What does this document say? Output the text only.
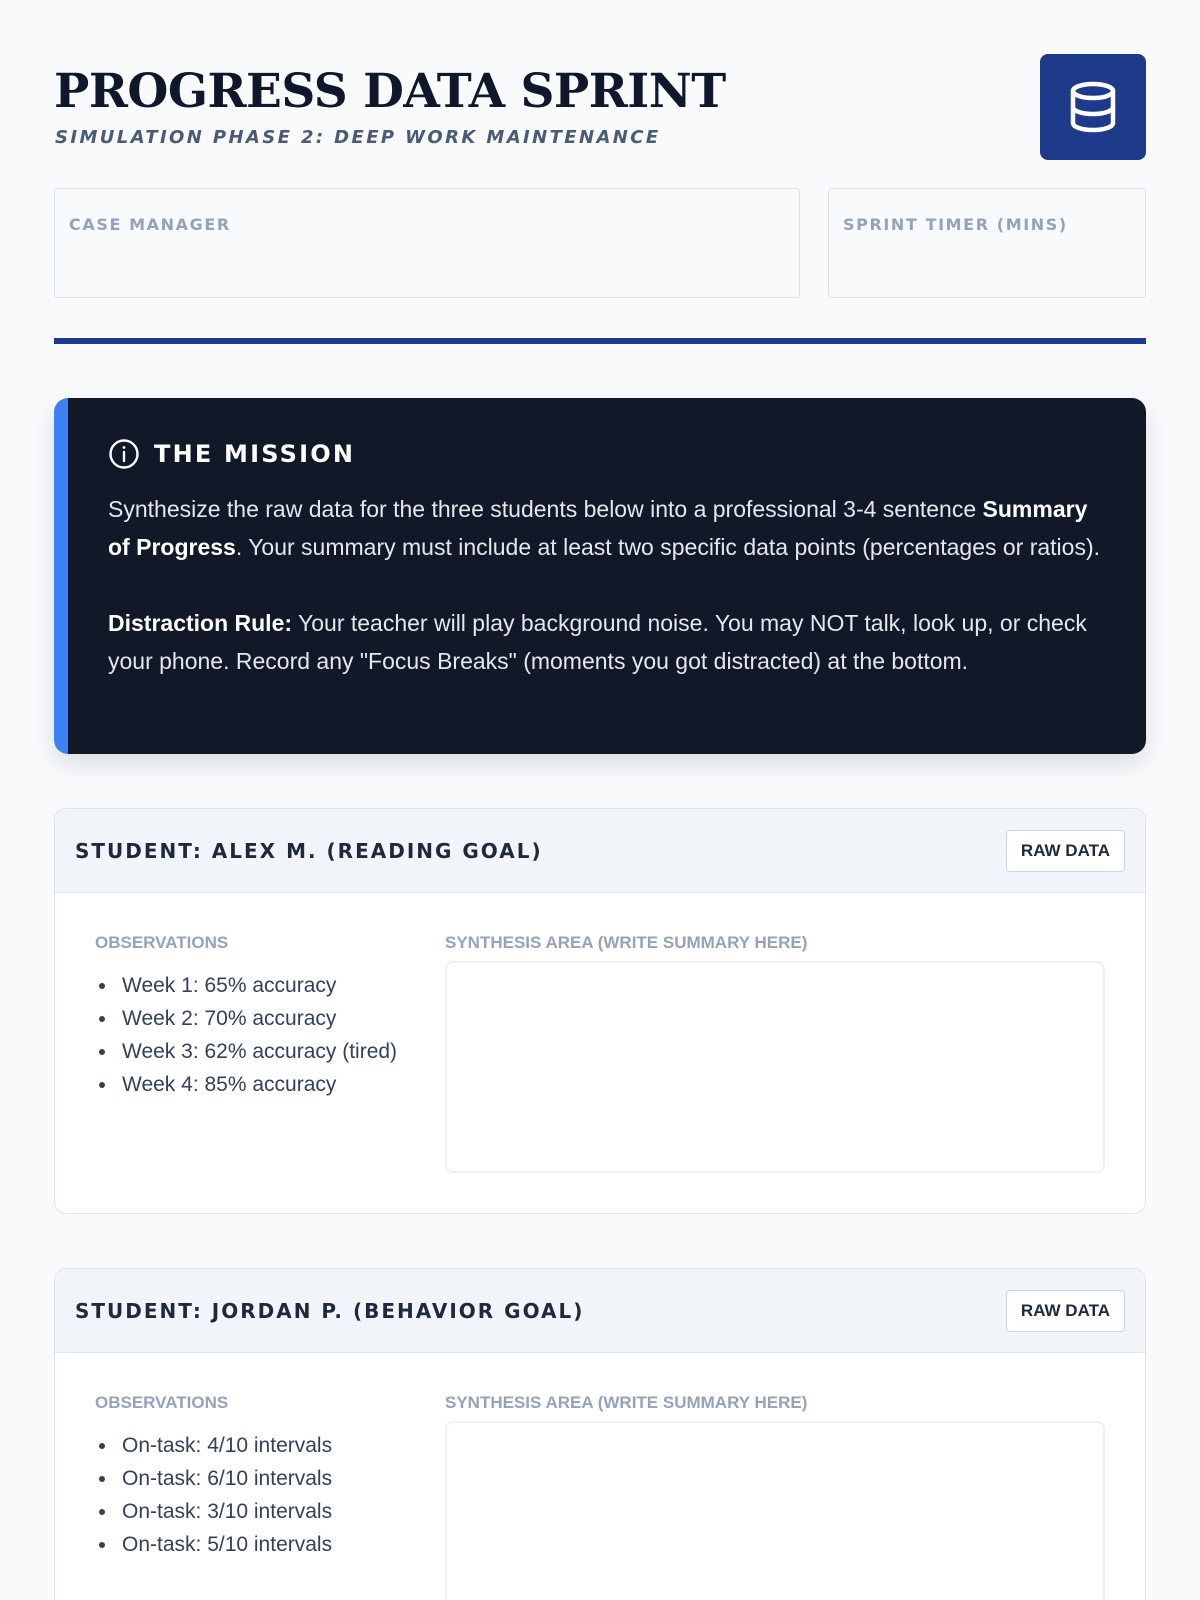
PROGRESS DATA SPRINT
SIMULATION PHASE 2: DEEP WORK MAINTENANCE
CASE MANAGER	SPRINT TIMER (MINS)
THE MISSION

Synthesize the raw data for the three students below into a professional 3-4 sentence Summary of Progress. Your summary must include at least two specific data points (percentages or ratios).

Distraction Rule: Your teacher will play background noise. You may NOT talk, look up, or check your phone. Record any "Focus Breaks" (moments you got distracted) at the bottom.

STUDENT: ALEX M. (READING GOAL)	RAW DATA
OBSERVATIONS
Week 1: 65% accuracy
Week 2: 70% accuracy
Week 3: 62% accuracy (tired)
Week 4: 85% accuracy
SYNTHESIS AREA (WRITE SUMMARY HERE)
STUDENT: JORDAN P. (BEHAVIOR GOAL)	RAW DATA
OBSERVATIONS
On-task: 4/10 intervals
On-task: 6/10 intervals
On-task: 3/10 intervals
On-task: 5/10 intervals
SYNTHESIS AREA (WRITE SUMMARY HERE)
